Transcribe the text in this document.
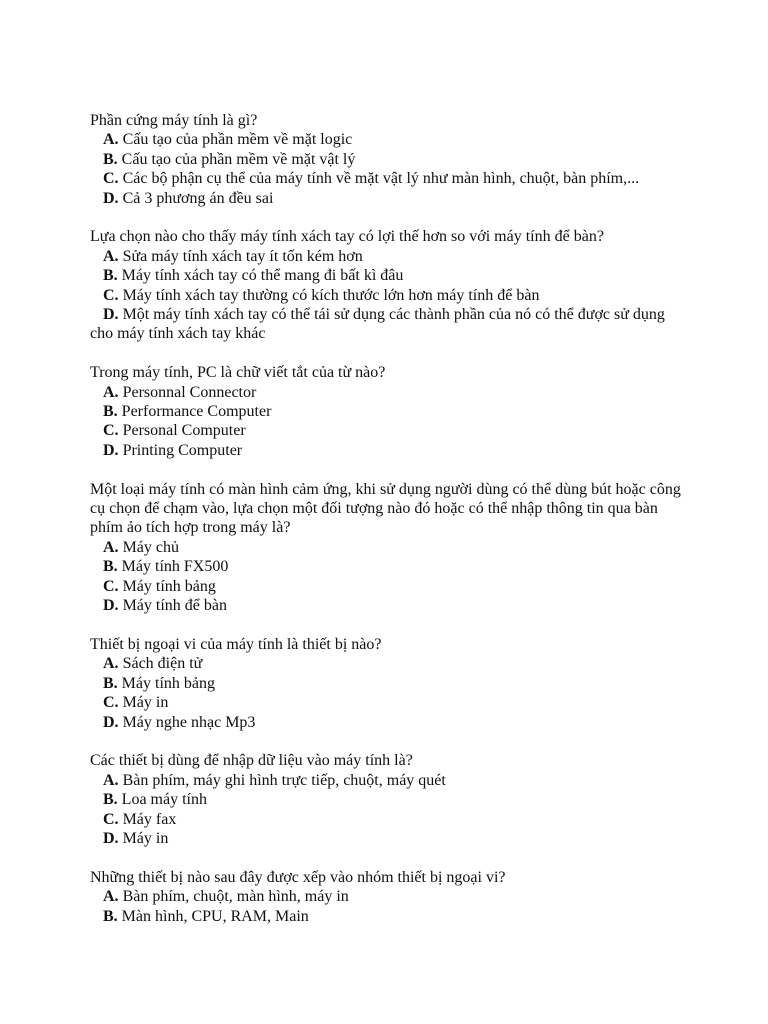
Phần cứng máy tính là gì?
A. Cấu tạo của phần mềm về mặt logic
B. Cấu tạo của phần mềm về mặt vật lý
C. Các bộ phận cụ thể của máy tính về mặt vật lý như màn hình, chuột, bàn phím,...
D. Cả 3 phương án đều sai
Lựa chọn nào cho thấy máy tính xách tay có lợi thế hơn so với máy tính để bàn?
A. Sửa máy tính xách tay ít tốn kém hơn
B. Máy tính xách tay có thể mang đi bất kì đâu
C. Máy tính xách tay thường có kích thước lớn hơn máy tính để bàn
D. Một máy tính xách tay có thể tái sử dụng các thành phần của nó có thể được sử dụng cho máy tính xách tay khác
Trong máy tính, PC là chữ viết tắt của từ nào?
A. Personnal Connector
B. Performance Computer
C. Personal Computer
D. Printing Computer
Một loại máy tính có màn hình cảm ứng, khi sử dụng người dùng có thể dùng bút hoặc công cụ chọn để chạm vào, lựa chọn một đối tượng nào đó hoặc có thể nhập thông tin qua bàn phím ảo tích hợp trong máy là?
A. Máy chủ
B. Máy tính FX500
C. Máy tính bảng
D. Máy tính để bàn
Thiết bị ngoại vi của máy tính là thiết bị nào?
A. Sách điện tử
B. Máy tính bảng
C. Máy in
D. Máy nghe nhạc Mp3
Các thiết bị dùng để nhập dữ liệu vào máy tính là?
A. Bàn phím, máy ghi hình trực tiếp, chuột, máy quét
B. Loa máy tính
C. Máy fax
D. Máy in
Những thiết bị nào sau đây được xếp vào nhóm thiết bị ngoại vi?
A. Bàn phím, chuột, màn hình, máy in
B. Màn hình, CPU, RAM, Main
